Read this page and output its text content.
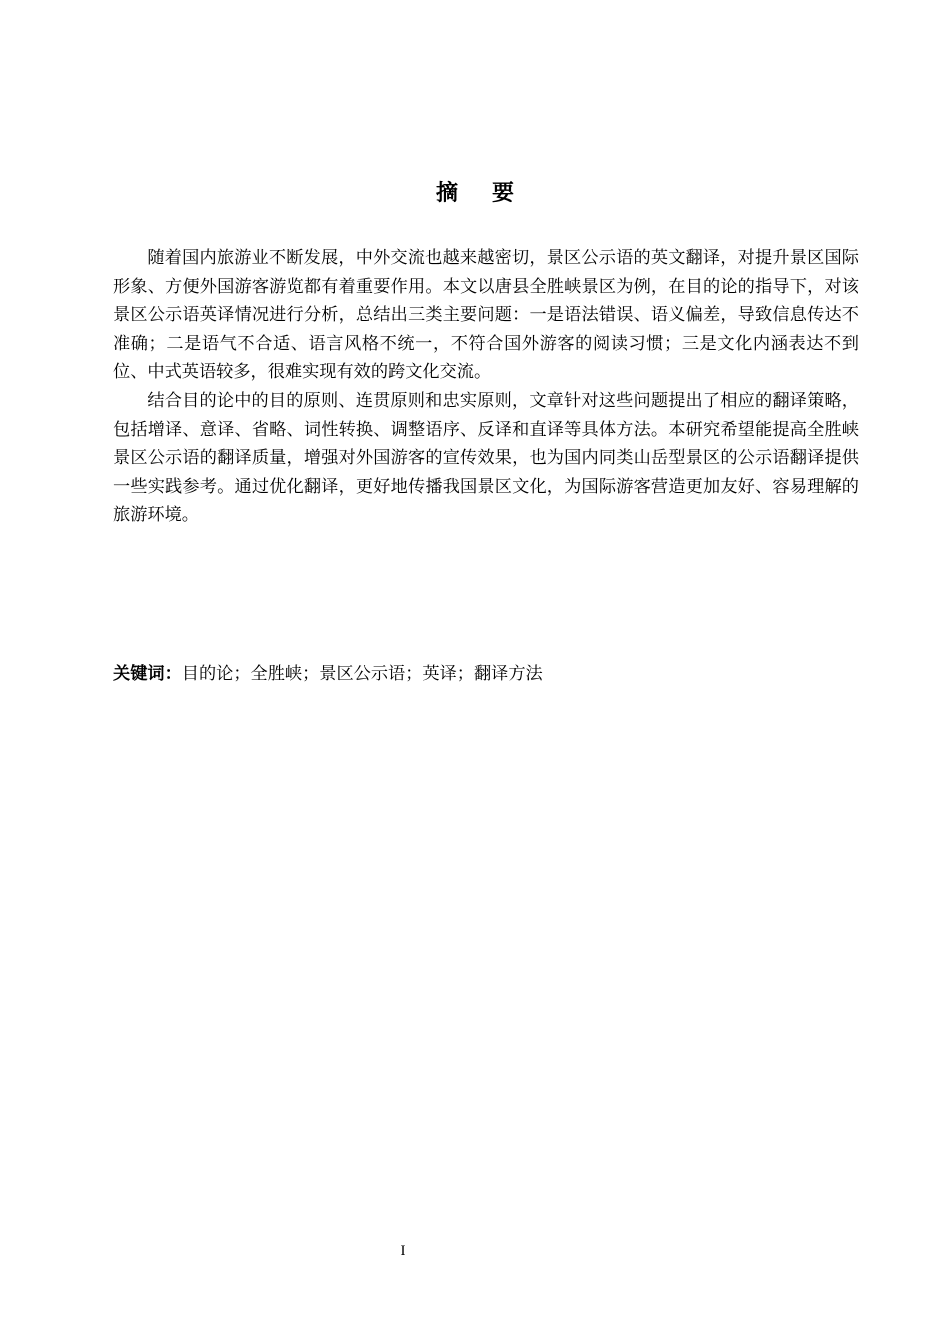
摘要

随着国内旅游业不断发展，中外交流也越来越密切，景区公示语的英文翻译，对提升景区国际形象、方便外国游客游览都有着重要作用。本文以唐县全胜峡景区为例，在目的论的指导下，对该景区公示语英译情况进行分析，总结出三类主要问题：一是语法错误、语义偏差，导致信息传达不准确；二是语气不合适、语言风格不统一，不符合国外游客的阅读习惯；三是文化内涵表达不到位、中式英语较多，很难实现有效的跨文化交流。

结合目的论中的目的原则、连贯原则和忠实原则，文章针对这些问题提出了相应的翻译策略，包括增译、意译、省略、词性转换、调整语序、反译和直译等具体方法。本研究希望能提高全胜峡景区公示语的翻译质量，增强对外国游客的宣传效果，也为国内同类山岳型景区的公示语翻译提供一些实践参考。通过优化翻译，更好地传播我国景区文化，为国际游客营造更加友好、容易理解的旅游环境。

关键词：目的论；全胜峡；景区公示语；英译；翻译方法
I
